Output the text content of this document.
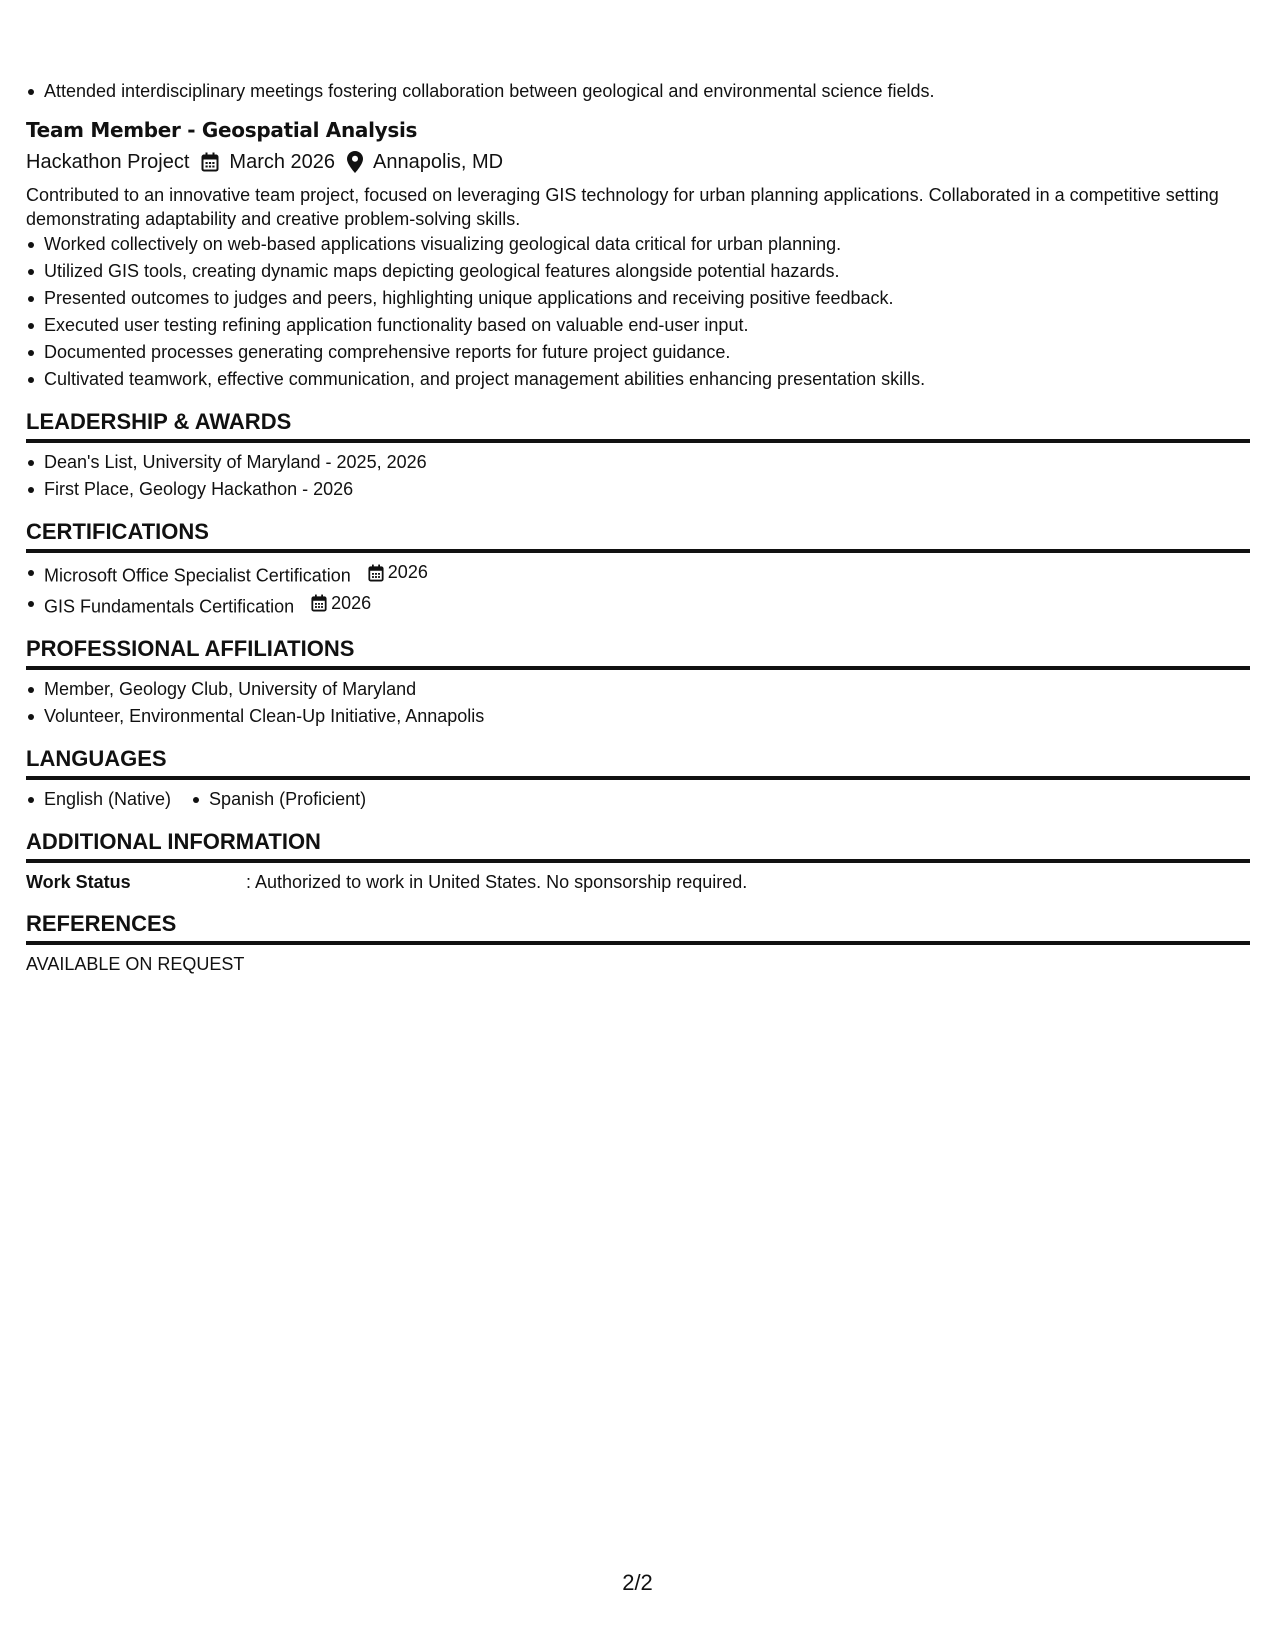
Attended interdisciplinary meetings fostering collaboration between geological and environmental science fields.
Team Member - Geospatial Analysis
Hackathon Project March 2026 Annapolis, MD
Contributed to an innovative team project, focused on leveraging GIS technology for urban planning applications. Collaborated in a competitive setting demonstrating adaptability and creative problem-solving skills.
Worked collectively on web-based applications visualizing geological data critical for urban planning.
Utilized GIS tools, creating dynamic maps depicting geological features alongside potential hazards.
Presented outcomes to judges and peers, highlighting unique applications and receiving positive feedback.
Executed user testing refining application functionality based on valuable end-user input.
Documented processes generating comprehensive reports for future project guidance.
Cultivated teamwork, effective communication, and project management abilities enhancing presentation skills.
LEADERSHIP & AWARDS
Dean's List, University of Maryland - 2025, 2026
First Place, Geology Hackathon - 2026
CERTIFICATIONS
Microsoft Office Specialist Certification 2026
GIS Fundamentals Certification 2026
PROFESSIONAL AFFILIATIONS
Member, Geology Club, University of Maryland
Volunteer, Environmental Clean-Up Initiative, Annapolis
LANGUAGES
English (Native) Spanish (Proficient)
ADDITIONAL INFORMATION
Work Status	: Authorized to work in United States. No sponsorship required.
REFERENCES
AVAILABLE ON REQUEST
2/2
